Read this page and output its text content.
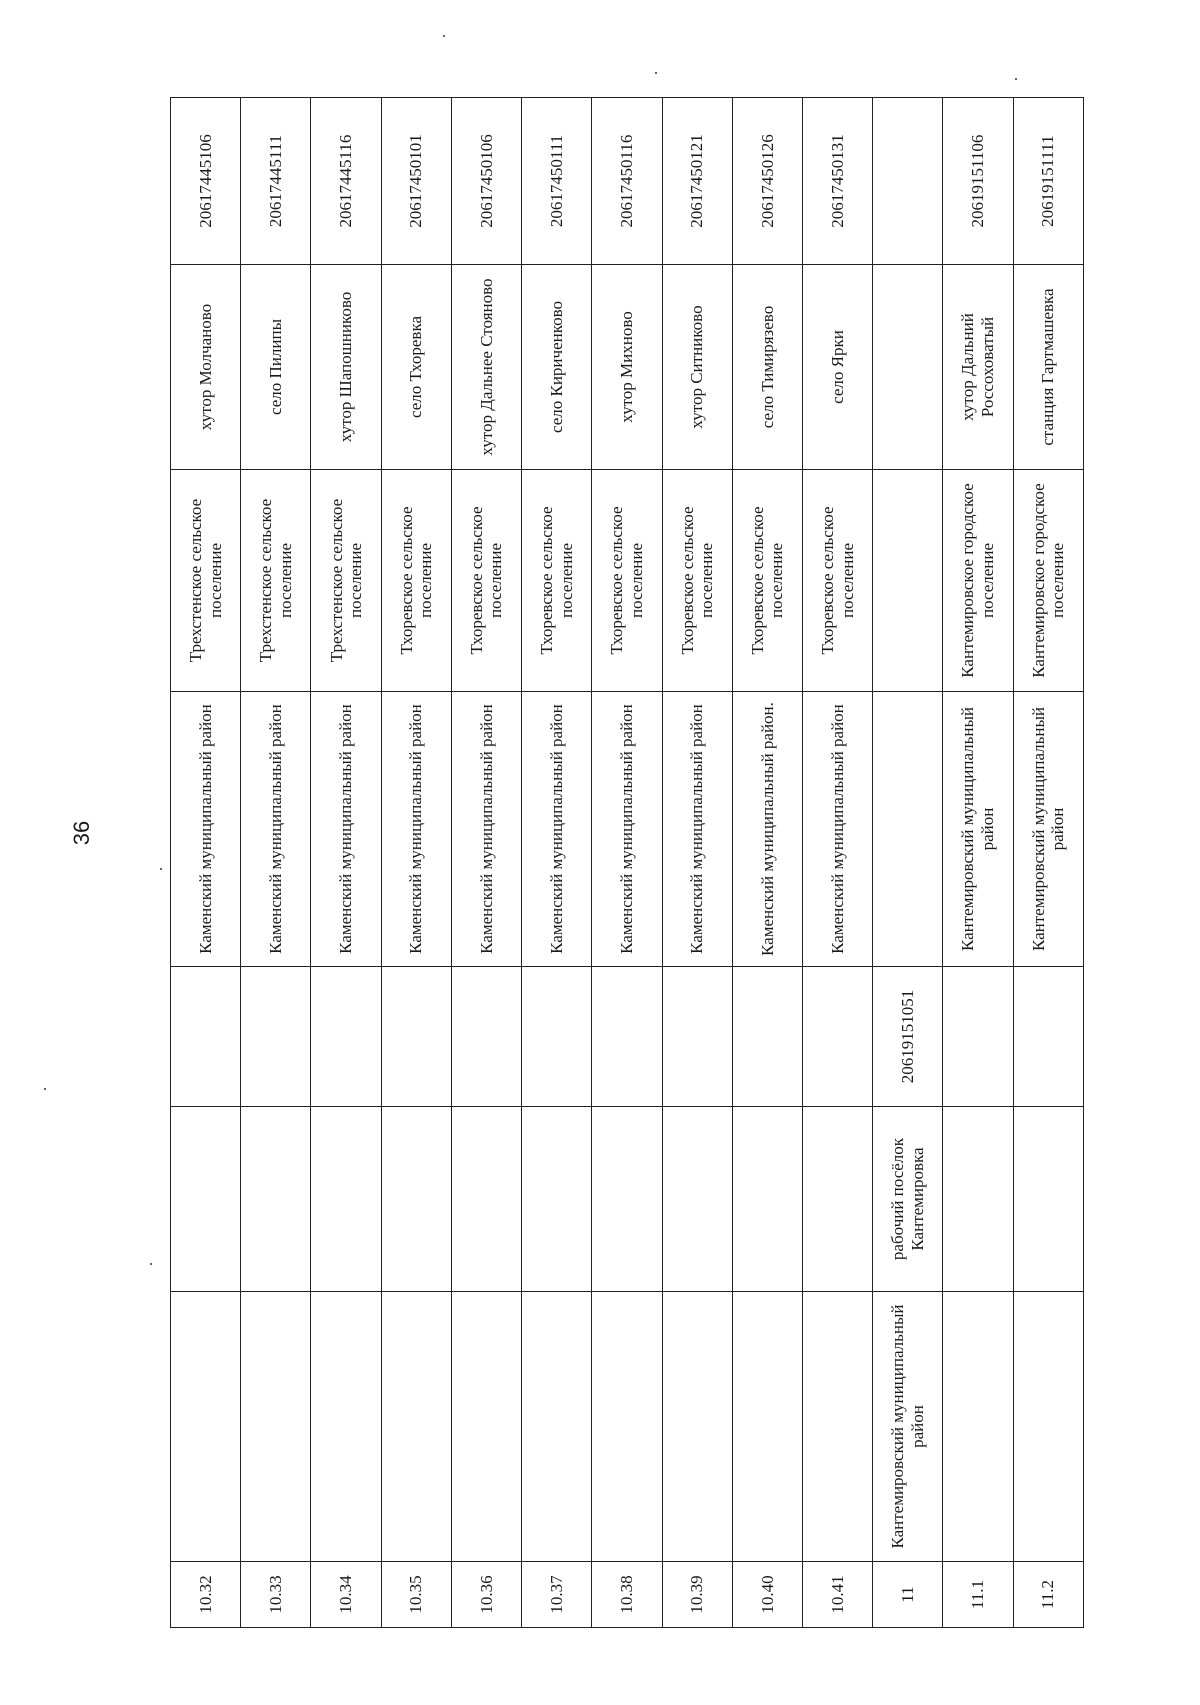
36
10.32				Каменский муниципальный район	Трехстенское сельское поселение	хутор Молчаново	20617445106
10.33				Каменский муниципальный район	Трехстенское сельское поселение	село Пилипы	20617445111
10.34				Каменский муниципальный район	Трехстенское сельское поселение	хутор Шапошниково	20617445116
10.35				Каменский муниципальный район	Тхоревское сельское поселение	село Тхоревка	20617450101
10.36				Каменский муниципальный район	Тхоревское сельское поселение	хутор Дальнее Стояново	20617450106
10.37				Каменский муниципальный район	Тхоревское сельское поселение	село Кириченково	20617450111
10.38				Каменский муниципальный район	Тхоревское сельское поселение	хутор Михново	20617450116
10.39				Каменский муниципальный район	Тхоревское сельское поселение	хутор Ситниково	20617450121
10.40				Каменский муниципальный район.	Тхоревское сельское поселение	село Тимирязево	20617450126
10.41				Каменский муниципальный район	Тхоревское сельское поселение	село Ярки	20617450131
11	Кантемировский муниципальный район	рабочий посёлок Кантемировка	20619151051				
11.1				Кантемировский муниципальный район	Кантемировское городское поселение	хутор Дальний Россоховатый	20619151106
11.2				Кантемировский муниципальный район	Кантемировское городское поселение	станция Гартмашевка	20619151111
